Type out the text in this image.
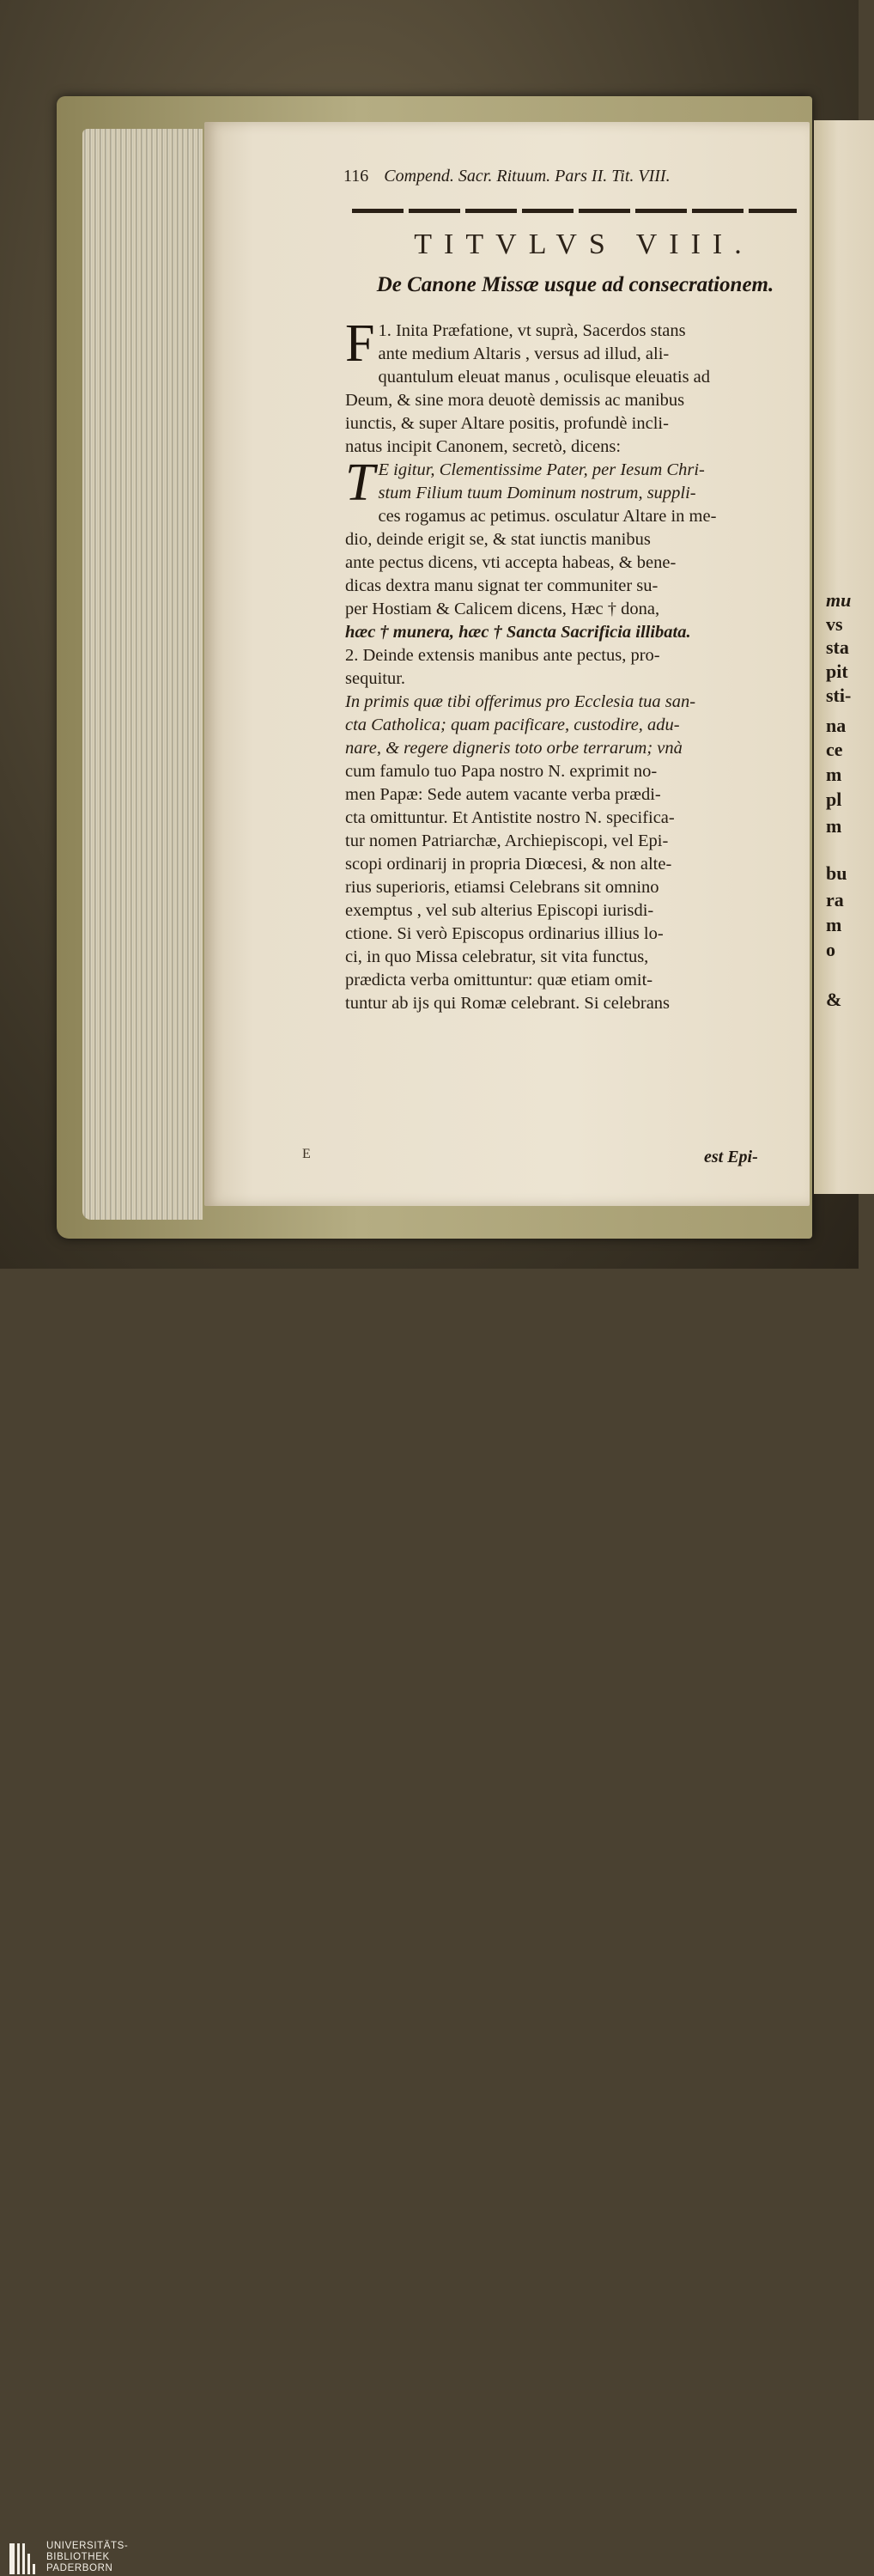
116 Compend. Sacr. Rituum. Pars II. Tit. VIII.
TITVLVS VIII.
De Canone Missæ usque ad consecrationem.
1.
F Inita Præfatione, vt suprà, Sacerdos stans
ante medium Altaris , versus ad illud, ali-
quantulum eleuat manus , oculisque eleuatis ad
Deum, & sine mora deuotè demissis ac manibus
iunctis, & super Altare positis, profundè incli-
natus incipit Canonem, secretò, dicens:
T E igitur, Clementissime Pater, per Iesum Chri-
stum Filium tuum Dominum nostrum, suppli-
ces rogamus ac petimus. osculatur Altare in me-
dio, deinde erigit se, & stat iunctis manibus
ante pectus dicens, vti accepta habeas, & bene-
dicas dextra manu signat ter communiter su-
per Hostiam & Calicem dicens, Hæc † dona,
hæc † munera, hæc † Sancta Sacrificia illibata.
2. Deinde extensis manibus ante pectus, pro-
sequitur.
In primis quæ tibi offerimus pro Ecclesia tua san-
cta Catholica; quam pacificare, custodire, adu-
nare, & regere digneris toto orbe terrarum; vnà
cum famulo tuo Papa nostro N. exprimit no-
men Papæ: Sede autem vacante verba prædi-
cta omittuntur. Et Antistite nostro N. specifica-
tur nomen Patriarchæ, Archiepiscopi, vel Epi-
scopi ordinarij in propria Diœcesi, & non alte-
rius superioris, etiamsi Celebrans sit omnino
exemptus , vel sub alterius Episcopi iurisdi-
ctione. Si verò Episcopus ordinarius illius lo-
ci, in quo Missa celebratur, sit vita functus,
prædicta verba omittuntur: quæ etiam omit-
tuntur ab ijs qui Romæ celebrant. Si celebrans
E	est Epi-
mu
vs
sta
pit
sti-
na
ce
m
pl
m
bu
ra
m
o
&
UNIVERSITÄTS-
BIBLIOTHEK
PADERBORN
